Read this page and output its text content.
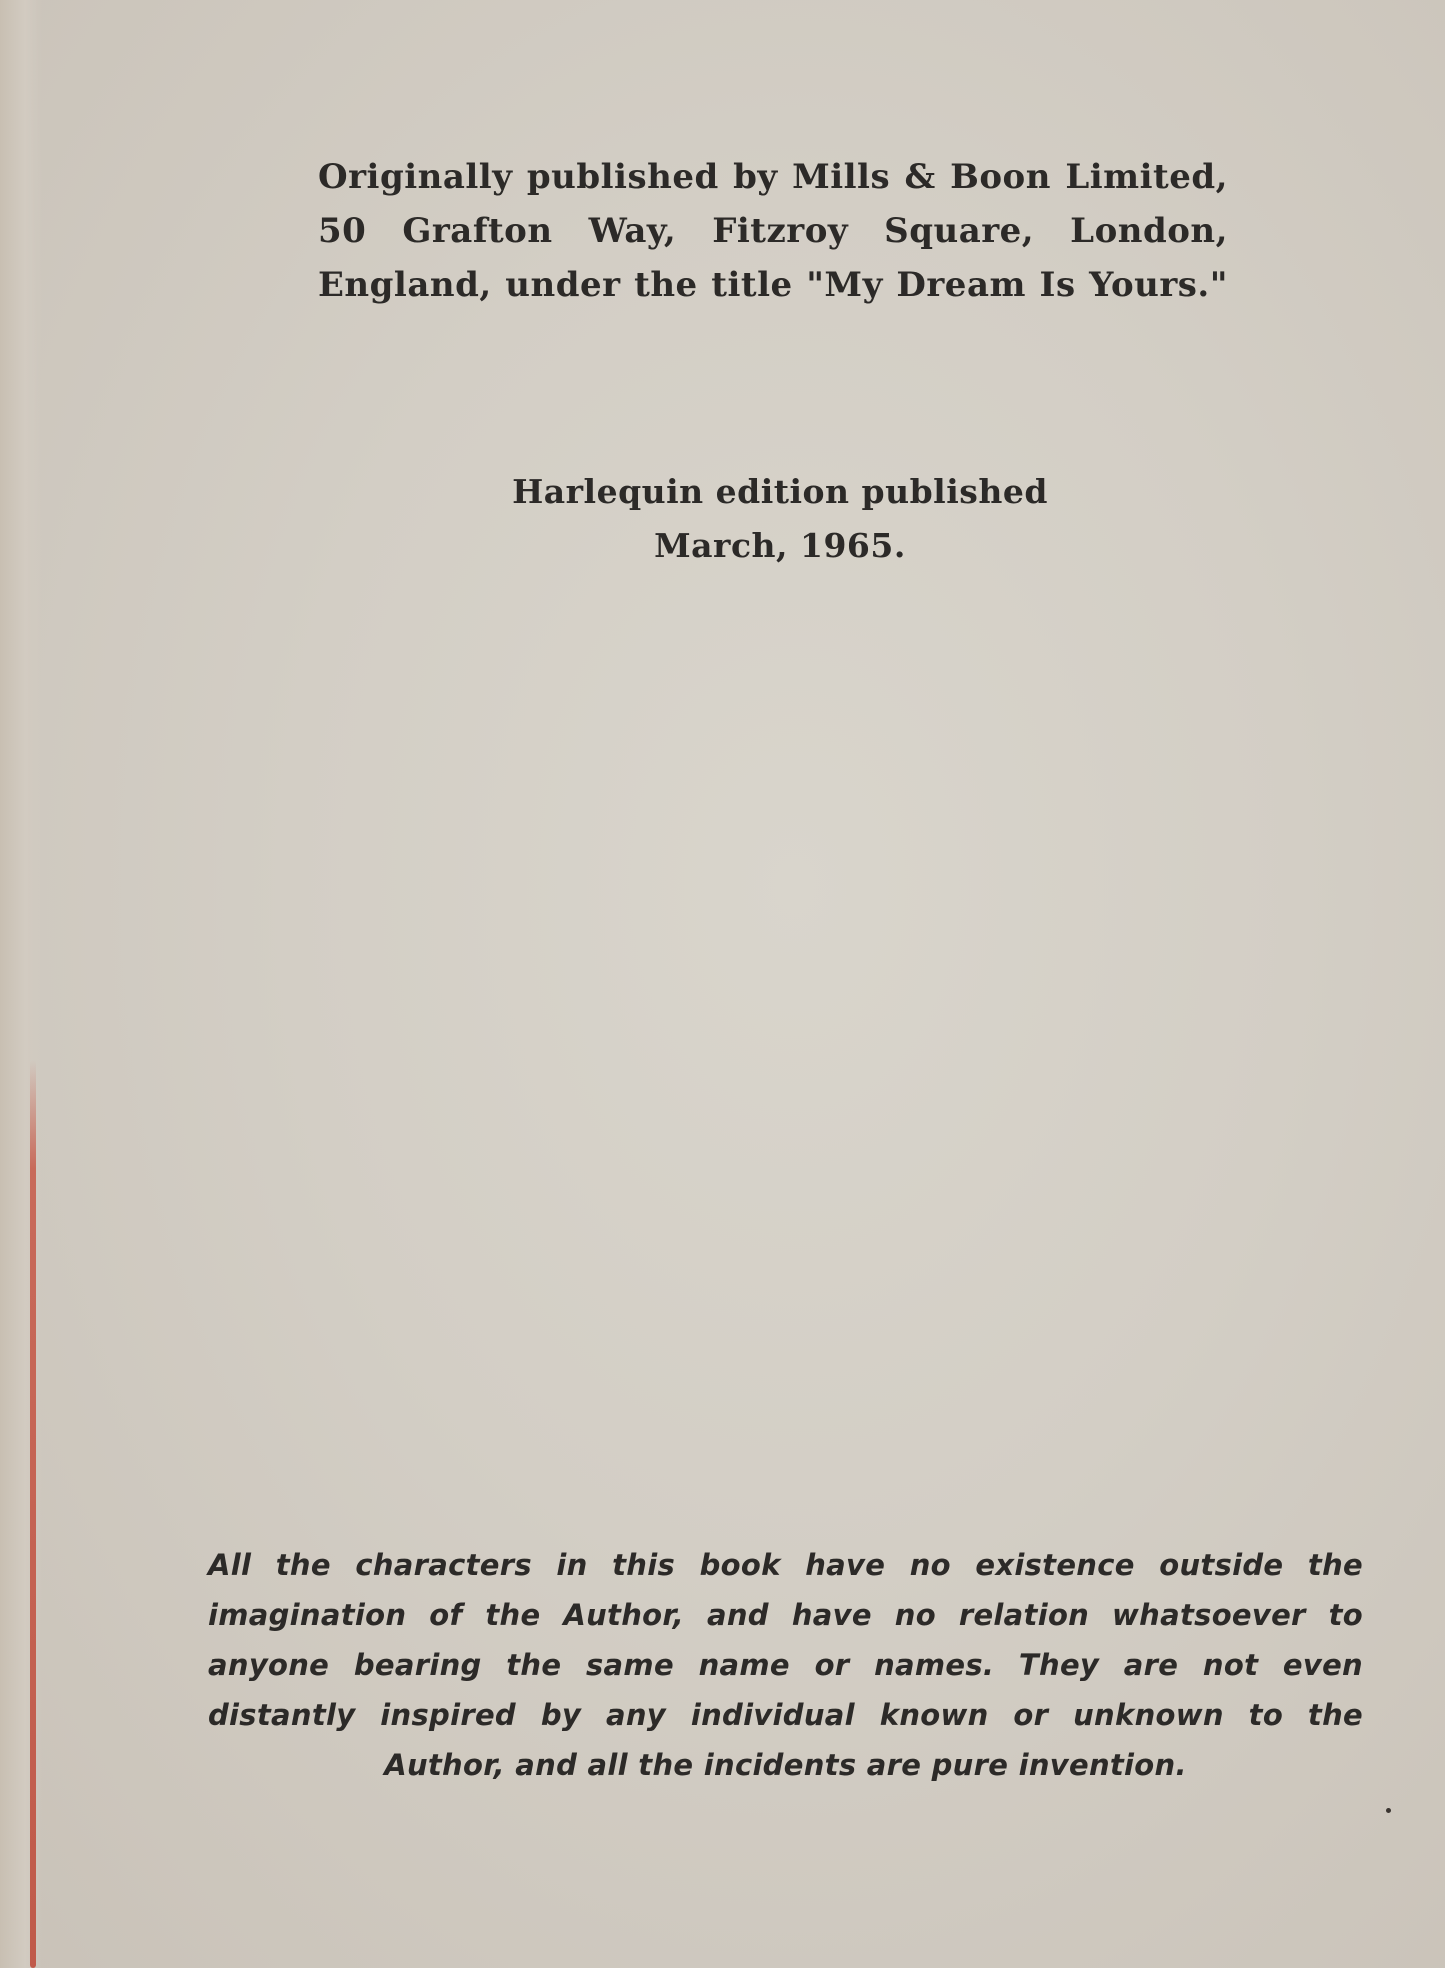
Originally published by Mills & Boon Limited,
50 Grafton Way, Fitzroy Square, London,
England, under the title "My Dream Is Yours."
Harlequin edition published
March, 1965.
All the characters in this book have no existence outside the
imagination of the Author, and have no relation whatsoever to
anyone bearing the same name or names. They are not even
distantly inspired by any individual known or unknown to the
Author, and all the incidents are pure invention.
